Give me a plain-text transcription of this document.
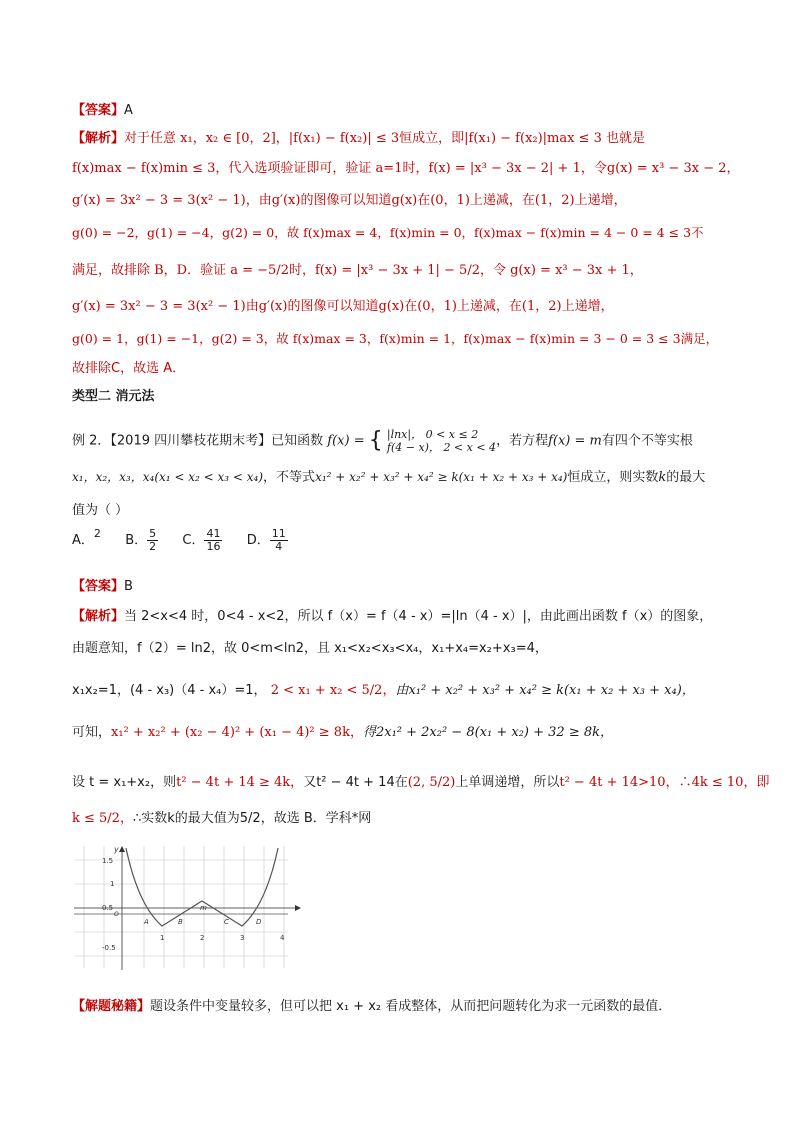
【答案】A
【解析】对于任意 x₁，x₂ ∈ [0，2]，|f(x₁) − f(x₂)| ≤ 3恒成立，即|f(x₁) − f(x₂)|max ≤ 3 也就是
f(x)max − f(x)min ≤ 3，代入选项验证即可，验证 a=1时，f(x) = |x³ − 3x − 2| + 1，令g(x) = x³ − 3x − 2，
g′(x) = 3x² − 3 = 3(x² − 1)，由g′(x)的图像可以知道g(x)在(0，1)上递减，在(1，2)上递增，
g(0) = −2，g(1) = −4，g(2) = 0，故 f(x)max = 4，f(x)min = 0，f(x)max − f(x)min = 4 − 0 = 4 ≤ 3不
满足，故排除 B，D．验证 a = −5/2时，f(x) = |x³ − 3x + 1| − 5/2，令 g(x) = x³ − 3x + 1，
g′(x) = 3x² − 3 = 3(x² − 1)由g′(x)的图像可以知道g(x)在(0，1)上递减，在(1，2)上递增，
g(0) = 1，g(1) = −1，g(2) = 3，故 f(x)max = 3，f(x)min = 1，f(x)max − f(x)min = 3 − 0 = 3 ≤ 3满足，
故排除C，故选 A．
类型二 消元法
例 2．【2019 四川攀枝花期末考】已知函数 f(x) = { |lnx|， 0 < x ≤ 2
f(4 − x)， 2 < x < 4 ，若方程f(x) = m有四个不等实根
x₁，x₂，x₃，x₄(x₁ < x₂ < x₃ < x₄)，不等式x₁² + x₂² + x₃² + x₄² ≥ k(x₁ + x₂ + x₃ + x₄)恒成立，则实数k的最大
值为（ ）
A． 2 B． $\frac{5}{2}$ C． $\frac{41}{16}$ D． $\frac{11}{4}$
【答案】B
【解析】当 2<x<4 时，0<4 - x<2，所以 f（x）= f（4 - x）=|ln（4 - x）|，由此画出函数 f（x）的图象，
由题意知，f（2）= ln2，故 0<m<ln2，且 x₁<x₂<x₃<x₄，x₁+x₄=x₂+x₃=4，
x₁x₂=1，(4 - x₃)（4 - x₄）=1， 2 < x₁ + x₂ < 5/2，由x₁² + x₂² + x₃² + x₄² ≥ k(x₁ + x₂ + x₃ + x₄)，
可知，x₁² + x₂² + (x₂ − 4)² + (x₁ − 4)² ≥ 8k，得2x₁² + 2x₂² − 8(x₁ + x₂) + 32 ≥ 8k，
设 t = x₁+x₂，则t² − 4t + 14 ≥ 4k，又t² − 4t + 14在(2, 5/2)上单调递增，所以t² − 4t + 14>10，∴4k ≤ 10，即
k ≤ 5/2，∴实数k的最大值为5/2，故选 B．学科*网
y
1.5
1
0.5
-0.5
1	2	3	4
A	B
m
C	D
O
【解题秘籍】题设条件中变量较多，但可以把 x₁ + x₂ 看成整体，从而把问题转化为求一元函数的最值．
